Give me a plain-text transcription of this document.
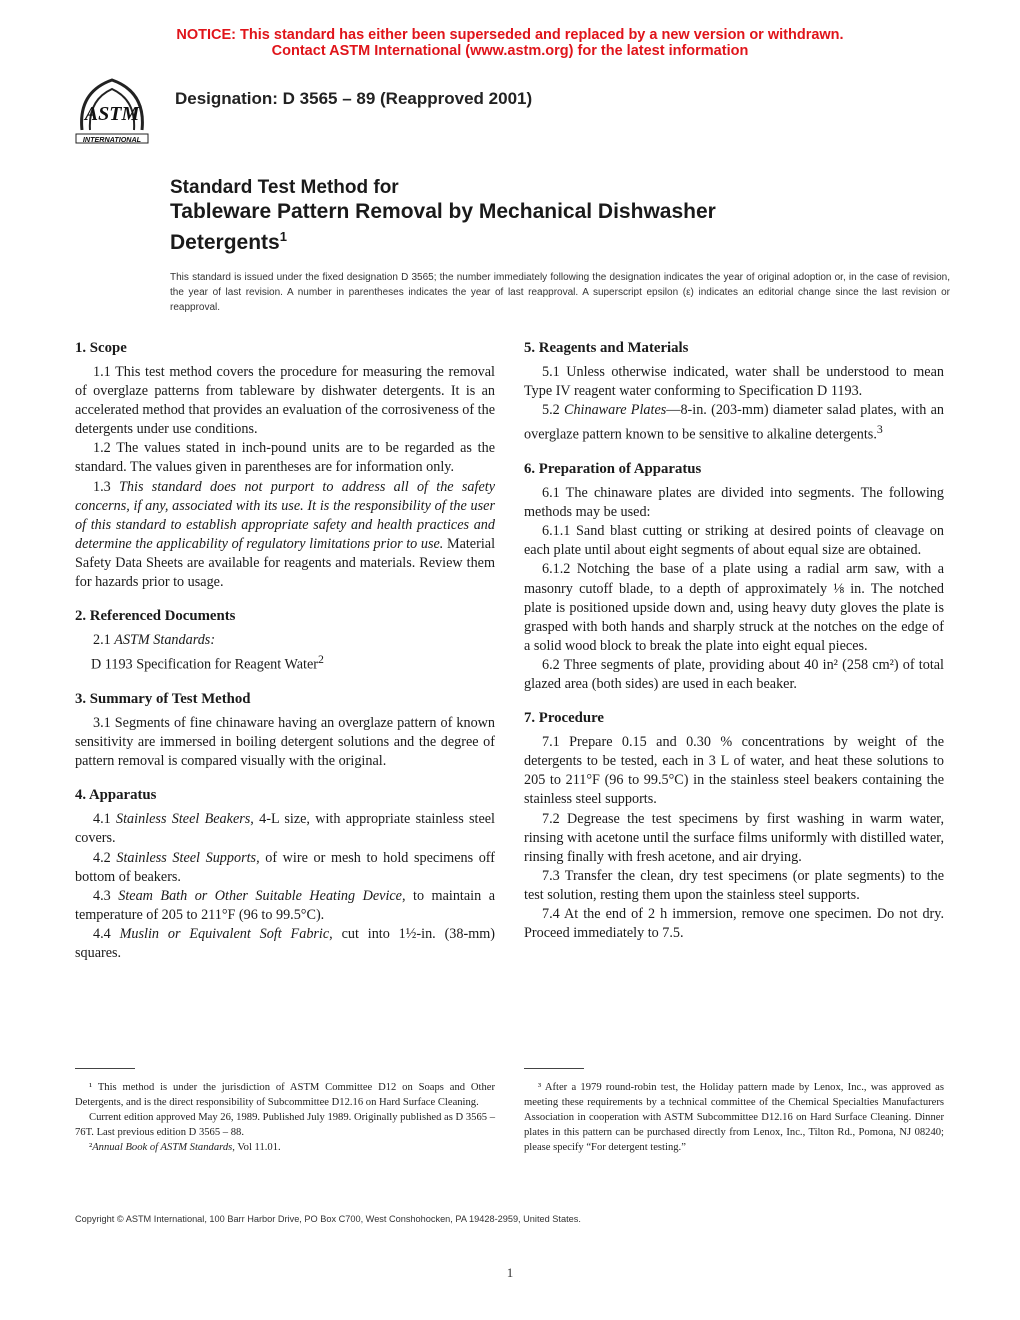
NOTICE: This standard has either been superseded and replaced by a new version or withdrawn.
Contact ASTM International (www.astm.org) for the latest information
ASTM
INTERNATIONAL
Designation: D 3565 – 89 (Reapproved 2001)
Standard Test Method for
Tableware Pattern Removal by Mechanical Dishwasher
Detergents$^1$
This standard is issued under the fixed designation D 3565; the number immediately following the designation indicates the year of original adoption or, in the case of revision, the year of last revision. A number in parentheses indicates the year of last reapproval. A superscript epsilon (ε) indicates an editorial change since the last revision or reapproval.
1. Scope

1.1 This test method covers the procedure for measuring the removal of overglaze patterns from tableware by dishwater detergents. It is an accelerated method that provides an evaluation of the corrosiveness of the detergents under use conditions.

1.2 The values stated in inch-pound units are to be regarded as the standard. The values given in parentheses are for information only.

1.3 This standard does not purport to address all of the safety concerns, if any, associated with its use. It is the responsibility of the user of this standard to establish appropriate safety and health practices and determine the applicability of regulatory limitations prior to use. Material Safety Data Sheets are available for reagents and materials. Review them for hazards prior to usage.

2. Referenced Documents

2.1 ASTM Standards:

D 1193 Specification for Reagent Water$^2$

3. Summary of Test Method

3.1 Segments of fine chinaware having an overglaze pattern of known sensitivity are immersed in boiling detergent solutions and the degree of pattern removal is compared visually with the original.

4. Apparatus

4.1 Stainless Steel Beakers, 4-L size, with appropriate stainless steel covers.

4.2 Stainless Steel Supports, of wire or mesh to hold specimens off bottom of beakers.

4.3 Steam Bath or Other Suitable Heating Device, to maintain a temperature of 205 to 211°F (96 to 99.5°C).

4.4 Muslin or Equivalent Soft Fabric, cut into 1½-in. (38-mm) squares.

5. Reagents and Materials

5.1 Unless otherwise indicated, water shall be understood to mean Type IV reagent water conforming to Specification D 1193.

5.2 Chinaware Plates—8-in. (203-mm) diameter salad plates, with an overglaze pattern known to be sensitive to alkaline detergents.$^3$

6. Preparation of Apparatus

6.1 The chinaware plates are divided into segments. The following methods may be used:

6.1.1 Sand blast cutting or striking at desired points of cleavage on each plate until about eight segments of about equal size are obtained.

6.1.2 Notching the base of a plate using a radial arm saw, with a masonry cutoff blade, to a depth of approximately ⅛ in. The notched plate is positioned upside down and, using heavy duty gloves the plate is grasped with both hands and sharply struck at the notches on the edge of a solid wood block to break the plate into eight equal pieces.

6.2 Three segments of plate, providing about 40 in² (258 cm²) of total glazed area (both sides) are used in each beaker.

7. Procedure

7.1 Prepare 0.15 and 0.30 % concentrations by weight of the detergents to be tested, each in 3 L of water, and heat these solutions to 205 to 211°F (96 to 99.5°C) in the stainless steel beakers containing the stainless steel supports.

7.2 Degrease the test specimens by first washing in warm water, rinsing with acetone until the surface films uniformly with distilled water, rinsing finally with fresh acetone, and air drying.

7.3 Transfer the clean, dry test specimens (or plate segments) to the test solution, resting them upon the stainless steel supports.

7.4 At the end of 2 h immersion, remove one specimen. Do not dry. Proceed immediately to 7.5.

¹ This method is under the jurisdiction of ASTM Committee D12 on Soaps and Other Detergents, and is the direct responsibility of Subcommittee D12.16 on Hard Surface Cleaning.

Current edition approved May 26, 1989. Published July 1989. Originally published as D 3565 – 76T. Last previous edition D 3565 – 88.

²Annual Book of ASTM Standards, Vol 11.01.

³ After a 1979 round-robin test, the Holiday pattern made by Lenox, Inc., was approved as meeting these requirements by a technical committee of the Chemical Specialties Manufacturers Association in cooperation with ASTM Subcommittee D12.16 on Hard Surface Cleaning. Dinner plates in this pattern can be purchased directly from Lenox, Inc., Tilton Rd., Pomona, NJ 08240; please specify “For detergent testing.”

Copyright © ASTM International, 100 Barr Harbor Drive, PO Box C700, West Conshohocken, PA 19428-2959, United States.
1
